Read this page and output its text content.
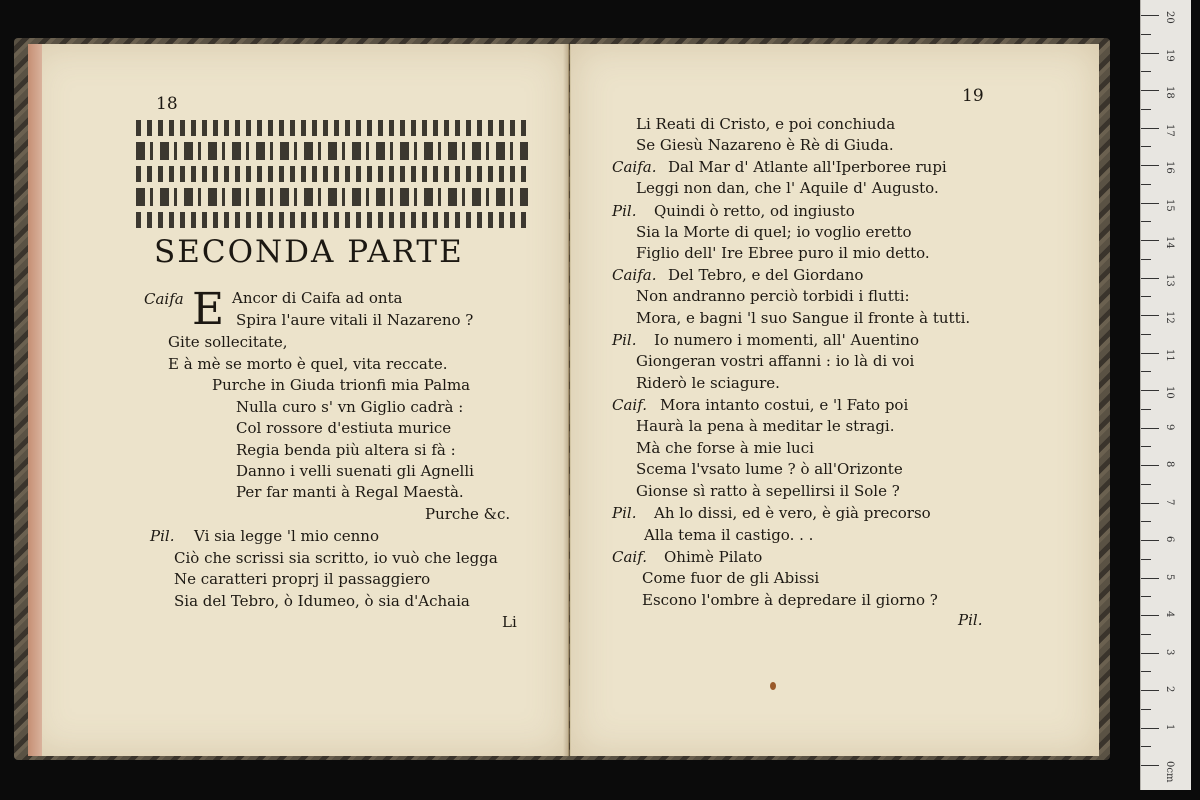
18
SECONDA PARTE
E
Caifa	Ancor di Caifa ad onta
Spira l'aure vitali il Nazareno ?
Gite sollecitate,
E à mè se morto è quel, vita reccate.
Purche in Giuda trionfi mia Palma
Nulla curo s' vn Giglio cadrà :
Col rossore d'estiuta murice
Regia benda più altera si fà :
Danno i velli suenati gli Agnelli
Per far manti à Regal Maestà.
Purche &c.
Pil. Vi sia legge 'l mio cenno
Ciò che scrissi sia scritto, io vuò che legga
Ne caratteri proprj il passaggiero
Sia del Tebro, ò Idumeo, ò sia d'Achaia
Li
19
Li Reati di Cristo, e poi conchiuda
Se Giesù Nazareno è Rè di Giuda.
Caifa. Dal Mar d' Atlante all'Iperboree rupi
Leggi non dan, che l' Aquile d' Augusto.
Pil. Quindi ò retto, od ingiusto
Sia la Morte di quel; io voglio eretto
Figlio dell' Ire Ebree puro il mio detto.
Caifa. Del Tebro, e del Giordano
Non andranno perciò torbidi i flutti:
Mora, e bagni 'l suo Sangue il fronte à tutti.
Pil. Io numero i momenti, all' Auentino
Giongeran vostri affanni : io là di voi
Riderò le sciagure.
Caif. Mora intanto costui, e 'l Fato poi
Haurà la pena à meditar le stragi.
Mà che forse à mie luci
Scema l'vsato lume ? ò all'Orizonte
Gionse sì ratto à sepellirsi il Sole ?
Pil. Ah lo dissi, ed è vero, è già precorso
Alla tema il castigo. . .
Caif. Ohimè Pilato
Come fuor de gli Abissi
Escono l'ombre à depredare il giorno ?
Pil.
0cm
1
2
3
4
5
6
7
8
9
10
11
12
13
14
15
16
17
18
19
20
